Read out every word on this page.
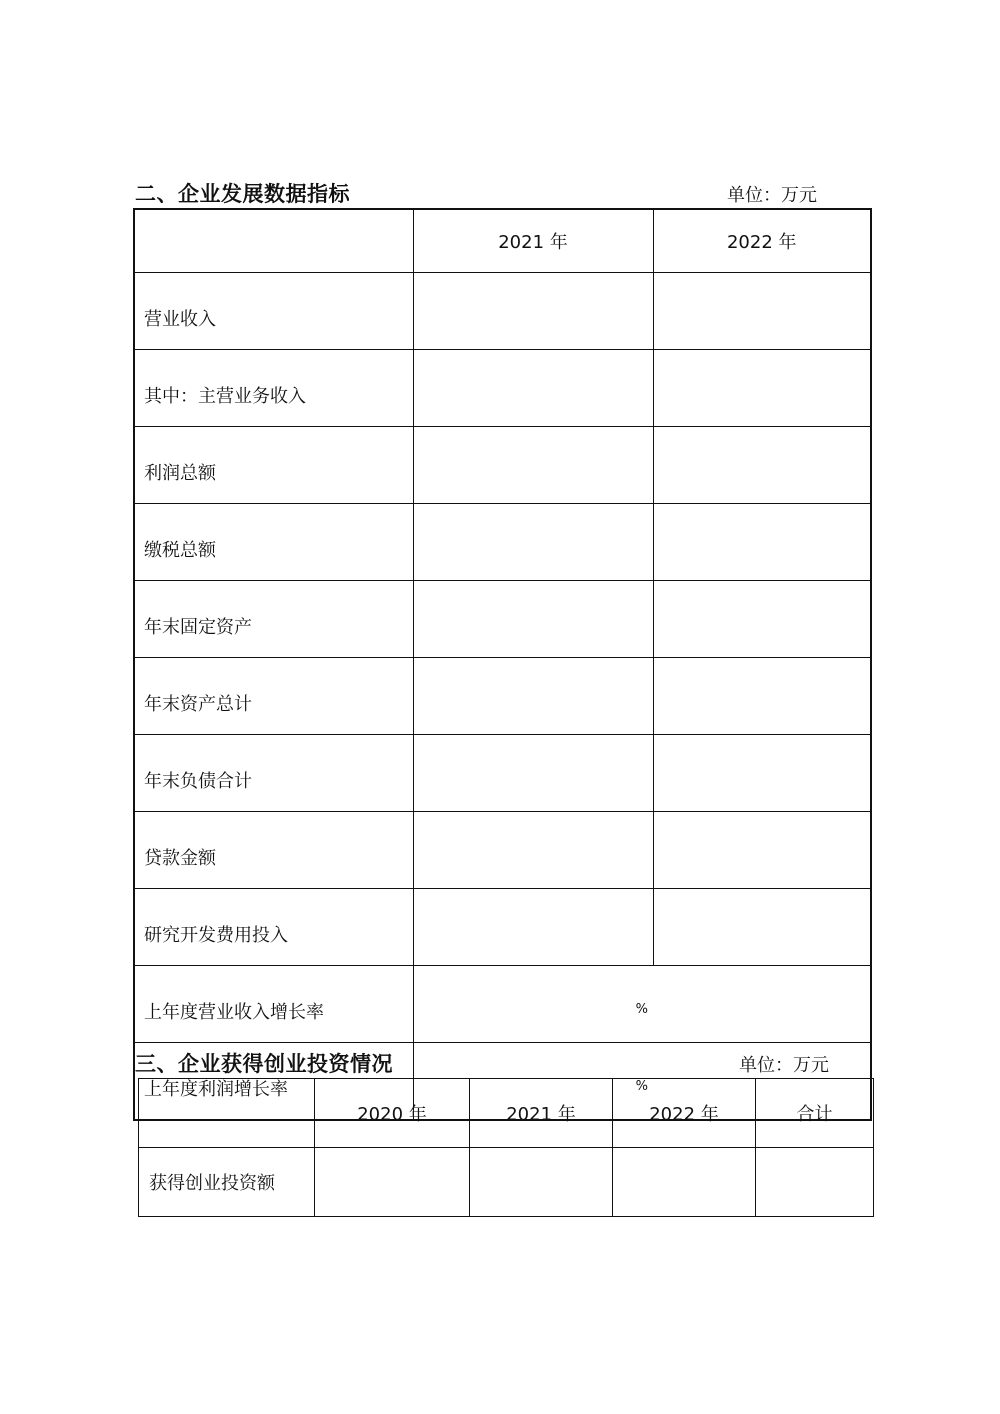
二、企业发展数据指标	单位：万元
	2021 年	2022 年
营业收入		
其中：主营业务收入		
利润总额		
缴税总额		
年末固定资产		
年末资产总计		
年末负债合计		
贷款金额		
研究开发费用投入		
上年度营业收入增长率	%	
上年度利润增长率	%	
三、企业获得创业投资情况	单位：万元
	2020 年	2021 年	2022 年	合计
获得创业投资额				
